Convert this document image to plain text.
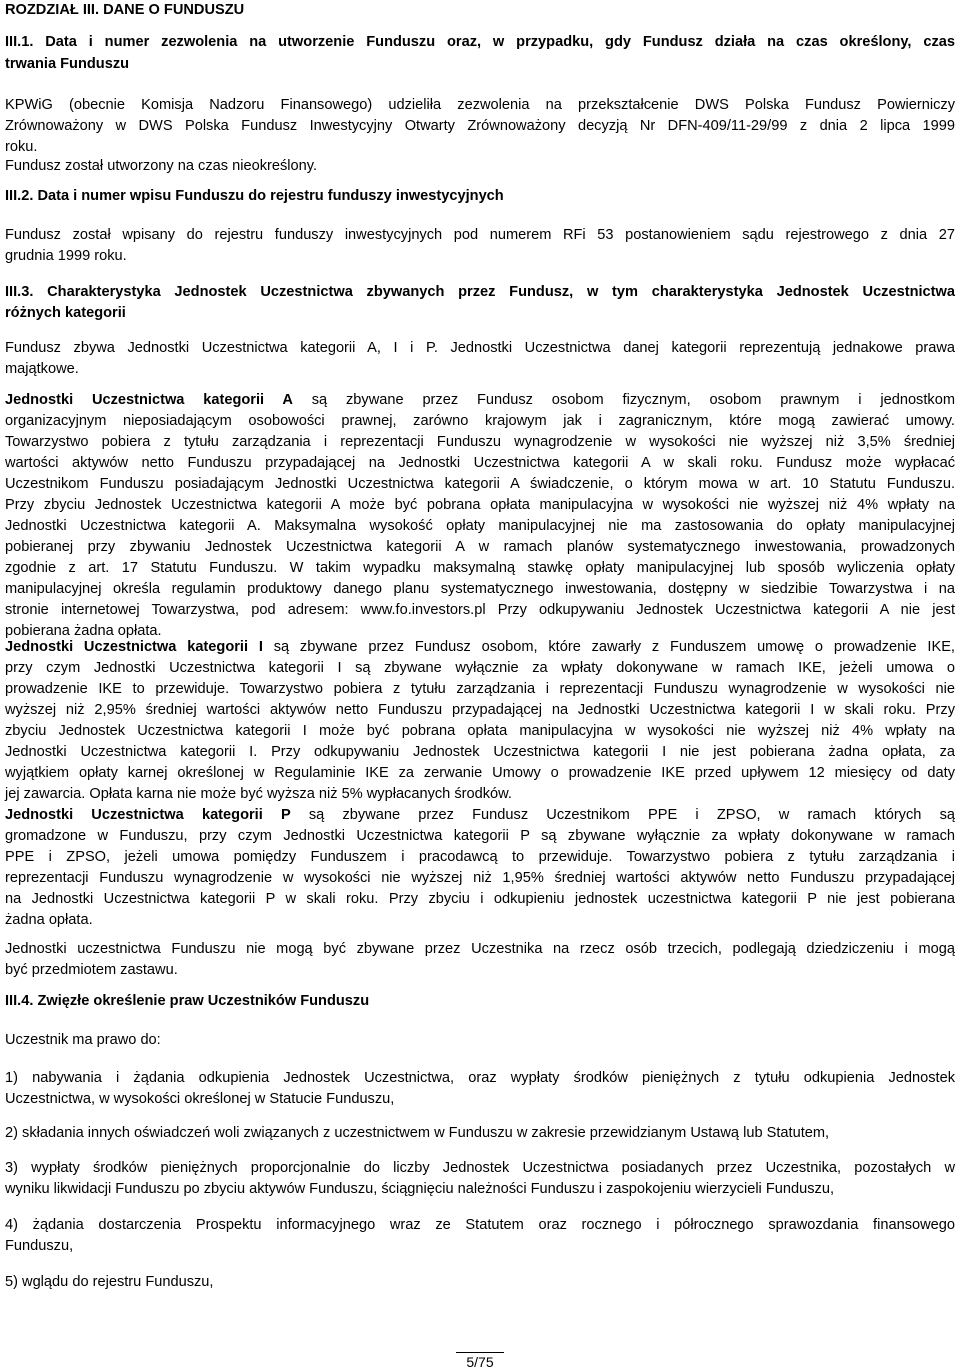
ROZDZIAŁ III. DANE O FUNDUSZU
III.1. Data i numer zezwolenia na utworzenie Funduszu oraz, w przypadku, gdy Fundusz działa na czas określony, czas
trwania Funduszu
KPWiG (obecnie Komisja Nadzoru Finansowego) udzieliła zezwolenia na przekształcenie DWS Polska Fundusz Powierniczy
Zrównoważony w DWS Polska Fundusz Inwestycyjny Otwarty Zrównoważony decyzją Nr DFN-409/11-29/99 z dnia 2 lipca 1999
roku.
Fundusz został utworzony na czas nieokreślony.
III.2. Data i numer wpisu Funduszu do rejestru funduszy inwestycyjnych
Fundusz został wpisany do rejestru funduszy inwestycyjnych pod numerem RFi 53 postanowieniem sądu rejestrowego z dnia 27
grudnia 1999 roku.
III.3. Charakterystyka Jednostek Uczestnictwa zbywanych przez Fundusz, w tym charakterystyka Jednostek Uczestnictwa
różnych kategorii
Fundusz zbywa Jednostki Uczestnictwa kategorii A, I i P. Jednostki Uczestnictwa danej kategorii reprezentują jednakowe prawa
majątkowe.
Jednostki Uczestnictwa kategorii A są zbywane przez Fundusz osobom fizycznym, osobom prawnym i jednostkom
organizacyjnym nieposiadającym osobowości prawnej, zarówno krajowym jak i zagranicznym, które mogą zawierać umowy.
Towarzystwo pobiera z tytułu zarządzania i reprezentacji Funduszu wynagrodzenie w wysokości nie wyższej niż 3,5% średniej
wartości aktywów netto Funduszu przypadającej na Jednostki Uczestnictwa kategorii A w skali roku. Fundusz może wypłacać
Uczestnikom Funduszu posiadającym Jednostki Uczestnictwa kategorii A świadczenie, o którym mowa w art. 10 Statutu Funduszu.
Przy zbyciu Jednostek Uczestnictwa kategorii A może być pobrana opłata manipulacyjna w wysokości nie wyższej niż 4% wpłaty na
Jednostki Uczestnictwa kategorii A. Maksymalna wysokość opłaty manipulacyjnej nie ma zastosowania do opłaty manipulacyjnej
pobieranej przy zbywaniu Jednostek Uczestnictwa kategorii A w ramach planów systematycznego inwestowania, prowadzonych
zgodnie z art. 17 Statutu Funduszu. W takim wypadku maksymalną stawkę opłaty manipulacyjnej lub sposób wyliczenia opłaty
manipulacyjnej określa regulamin produktowy danego planu systematycznego inwestowania, dostępny w siedzibie Towarzystwa i na
stronie internetowej Towarzystwa, pod adresem: www.fo.investors.pl Przy odkupywaniu Jednostek Uczestnictwa kategorii A nie jest
pobierana żadna opłata.
Jednostki Uczestnictwa kategorii I są zbywane przez Fundusz osobom, które zawarły z Funduszem umowę o prowadzenie IKE,
przy czym Jednostki Uczestnictwa kategorii I są zbywane wyłącznie za wpłaty dokonywane w ramach IKE, jeżeli umowa o
prowadzenie IKE to przewiduje. Towarzystwo pobiera z tytułu zarządzania i reprezentacji Funduszu wynagrodzenie w wysokości nie
wyższej niż 2,95% średniej wartości aktywów netto Funduszu przypadającej na Jednostki Uczestnictwa kategorii I w skali roku. Przy
zbyciu Jednostek Uczestnictwa kategorii I może być pobrana opłata manipulacyjna w wysokości nie wyższej niż 4% wpłaty na
Jednostki Uczestnictwa kategorii I. Przy odkupywaniu Jednostek Uczestnictwa kategorii I nie jest pobierana żadna opłata, za
wyjątkiem opłaty karnej określonej w Regulaminie IKE za zerwanie Umowy o prowadzenie IKE przed upływem 12 miesięcy od daty
jej zawarcia. Opłata karna nie może być wyższa niż 5% wypłacanych środków.
Jednostki Uczestnictwa kategorii P są zbywane przez Fundusz Uczestnikom PPE i ZPSO, w ramach których są
gromadzone w Funduszu, przy czym Jednostki Uczestnictwa kategorii P są zbywane wyłącznie za wpłaty dokonywane w ramach
PPE i ZPSO, jeżeli umowa pomiędzy Funduszem i pracodawcą to przewiduje. Towarzystwo pobiera z tytułu zarządzania i
reprezentacji Funduszu wynagrodzenie w wysokości nie wyższej niż 1,95% średniej wartości aktywów netto Funduszu przypadającej
na Jednostki Uczestnictwa kategorii P w skali roku. Przy zbyciu i odkupieniu jednostek uczestnictwa kategorii P nie jest pobierana
żadna opłata.
Jednostki uczestnictwa Funduszu nie mogą być zbywane przez Uczestnika na rzecz osób trzecich, podlegają dziedziczeniu i mogą
być przedmiotem zastawu.
III.4. Zwięzłe określenie praw Uczestników Funduszu
Uczestnik ma prawo do:
1) nabywania i żądania odkupienia Jednostek Uczestnictwa, oraz wypłaty środków pieniężnych z tytułu odkupienia Jednostek
Uczestnictwa, w wysokości określonej w Statucie Funduszu,
2) składania innych oświadczeń woli związanych z uczestnictwem w Funduszu w zakresie przewidzianym Ustawą lub Statutem,
3) wypłaty środków pieniężnych proporcjonalnie do liczby Jednostek Uczestnictwa posiadanych przez Uczestnika, pozostałych w
wyniku likwidacji Funduszu po zbyciu aktywów Funduszu, ściągnięciu należności Funduszu i zaspokojeniu wierzycieli Funduszu,
4) żądania dostarczenia Prospektu informacyjnego wraz ze Statutem oraz rocznego i półrocznego sprawozdania finansowego
Funduszu,
5) wglądu do rejestru Funduszu,
5/75
